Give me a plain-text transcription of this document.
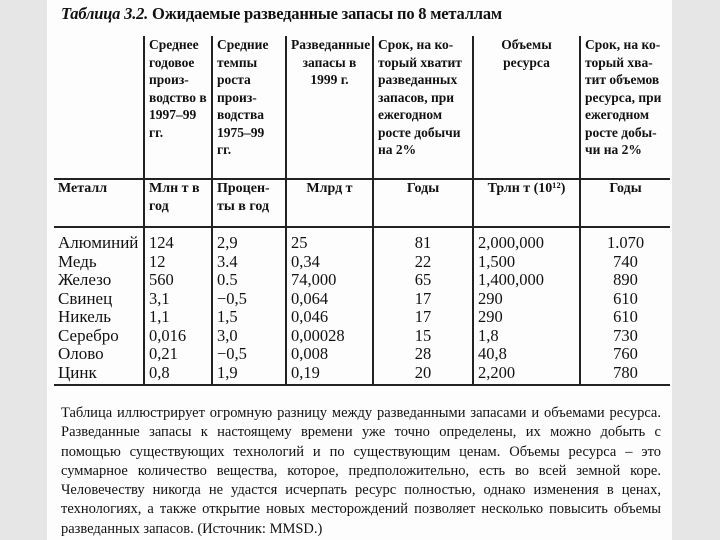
Таблица 3.2. Ожидаемые разведанные запасы по 8 металлам
	Среднее годовое произ-водство в 1997–99 гг.	Средние темпы роста произ-водства 1975–99 гг.	Разведанные запасы в 1999 г.	Срок, на ко-торый хватит разведанных запасов, при ежегодном росте добычи на 2%	Объемы ресурса	Срок, на ко-торый хва-тит объемов ресурса, при ежегодном росте добы-чи на 2%
Металл	Млн т в год	Процен-ты в год	Млрд т	Годы	Трлн т (10¹²)	Годы
Алюминий	124	2,9	25	81	2,000,000	1.070
Медь	12	3.4	0,34	22	1,500	740
Железо	560	0.5	74,000	65	1,400,000	890
Свинец	3,1	−0,5	0,064	17	290	610
Никель	1,1	1,5	0,046	17	290	610
Серебро	0,016	3,0	0,00028	15	1,8	730
Олово	0,21	−0,5	0,008	28	40,8	760
Цинк	0,8	1,9	0,19	20	2,200	780
Таблица иллюстрирует огромную разницу между разведанными запасами и объемами ресурса. Разведанные запасы к настоящему времени уже точно определены, их можно добыть с помощью существующих технологий и по существующим ценам. Объемы ресурса – это суммарное количество вещества, которое, предположительно, есть во всей земной коре. Человечеству никогда не удастся исчерпать ресурс полностью, однако изменения в ценах, технологиях, а также открытие новых месторождений позволяет несколько повысить объемы разведанных запасов. (Источник: MMSD.)
